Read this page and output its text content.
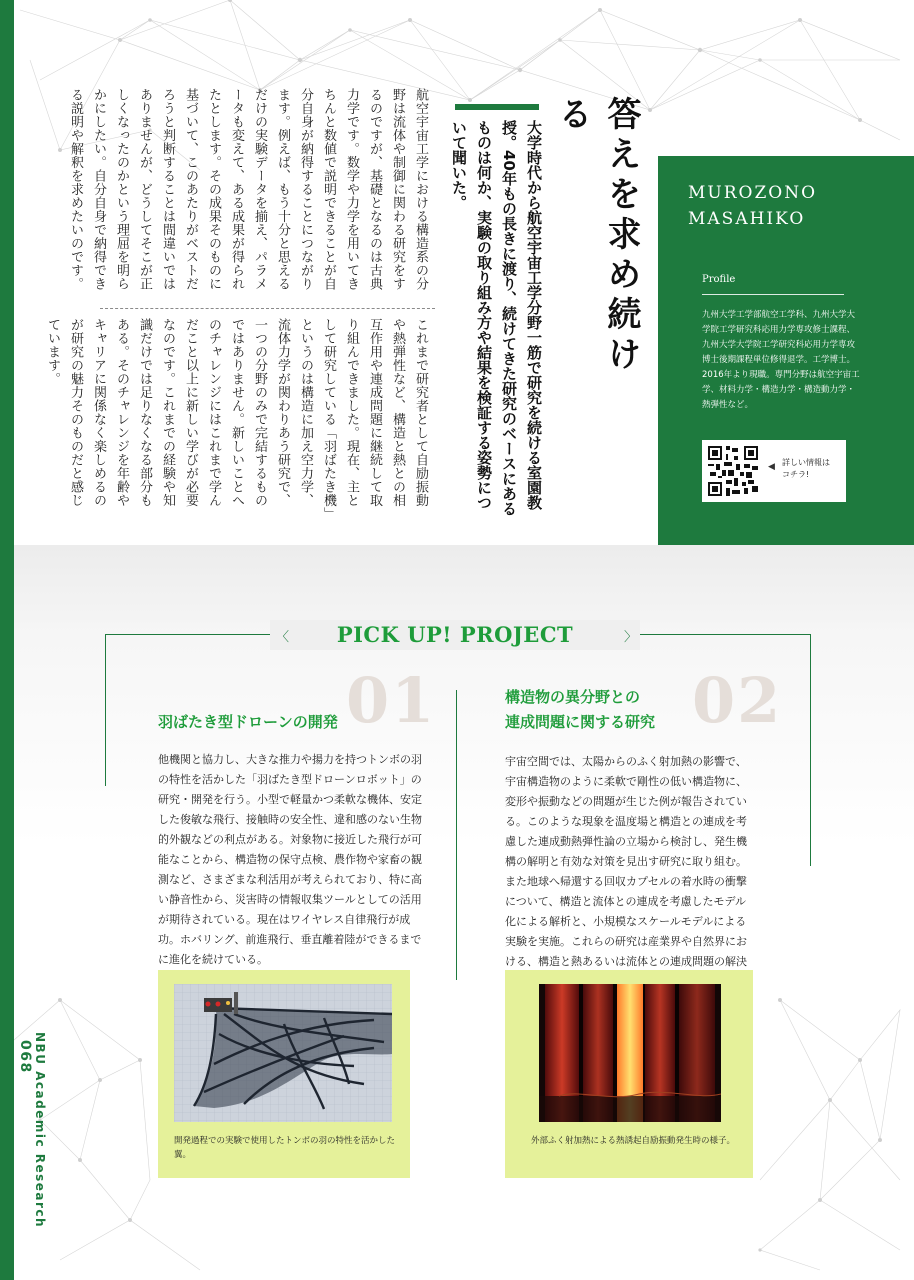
答えを求め続ける
大学時代から航空宇宙工学分野一筋で研究を続ける室園教授。40年もの長きに渡り、続けてきた研究のベースにあるものは何か、実験の取り組み方や結果を検証する姿勢について聞いた。
航空宇宙工学における構造系の分野は流体や制御に関わる研究をするのですが、基礎となるのは古典力学です。数学や力学を用いてきちんと数値で説明できることが自分自身が納得することにつながります。例えば、もう十分と思えるだけの実験データを揃え、パラメータも変えて、ある成果が得られたとします。その成果そのものに基づいて、このあたりがベストだろうと判断することは間違いではありませんが、どうしてそこが正しくなったのかという理屈を明らかにしたい。自分自身で納得できる説明や解釈を求めたいのです。
これまで研究者として自励振動や熱弾性など、構造と熱との相互作用や連成問題に継続して取り組んできました。現在、主として研究している「羽ばたき機」というのは構造に加え空力学、流体力学が関わりあう研究で、一つの分野のみで完結するものではありません。新しいことへのチャレンジにはこれまで学んだこと以上に新しい学びが必要なのです。これまでの経験や知識だけでは足りなくなる部分もある。そのチャレンジを年齢やキャリアに関係なく楽しめるのが研究の魅力そのものだと感じています。
MUROZONO
MASAHIKO
Profile
九州大学工学部航空工学科、九州大学大学院工学研究科応用力学専攻修士課程、九州大学大学院工学研究科応用力学専攻博士後期課程単位修得退学。工学博士。2016年より現職。専門分野は航空宇宙工学、材料力学・構造力学・構造動力学・熱弾性など。
◀ 詳しい情報は
コチラ!
〈	PICK UP! PROJECT	〉
01
羽ばたき型ドローンの開発
他機関と協力し、大きな推力や揚力を持つトンボの羽の特性を活かした「羽ばたき型ドローンロボット」の研究・開発を行う。小型で軽量かつ柔軟な機体、安定した俊敏な飛行、接触時の安全性、違和感のない生物的外観などの利点がある。対象物に接近した飛行が可能なことから、構造物の保守点検、農作物や家畜の観測など、さまざまな利活用が考えられており、特に高い静音性から、災害時の情報収集ツールとしての活用が期待されている。現在はワイヤレス自律飛行が成功。ホバリング、前進飛行、垂直離着陸ができるまでに進化を続けている。
開発過程での実験で使用したトンボの羽の特性を活かした翼。
02
構造物の異分野との
連成問題に関する研究
宇宙空間では、太陽からのふく射加熱の影響で、宇宙構造物のように柔軟で剛性の低い構造物に、変形や振動などの問題が生じた例が報告されている。このような現象を温度場と構造との連成を考慮した連成動熱弾性論の立場から検討し、発生機構の解明と有効な対策を見出す研究に取り組む。また地球へ帰還する回収カプセルの着水時の衝撃について、構造と流体との連成を考慮したモデル化による解析と、小規模なスケールモデルによる実験を実施。これらの研究は産業界や自然界における、構造と熱あるいは流体との連成問題の解決
外部ふく射加熱による熱誘起自励振動発生時の様子。
NBU Academic Research 068
